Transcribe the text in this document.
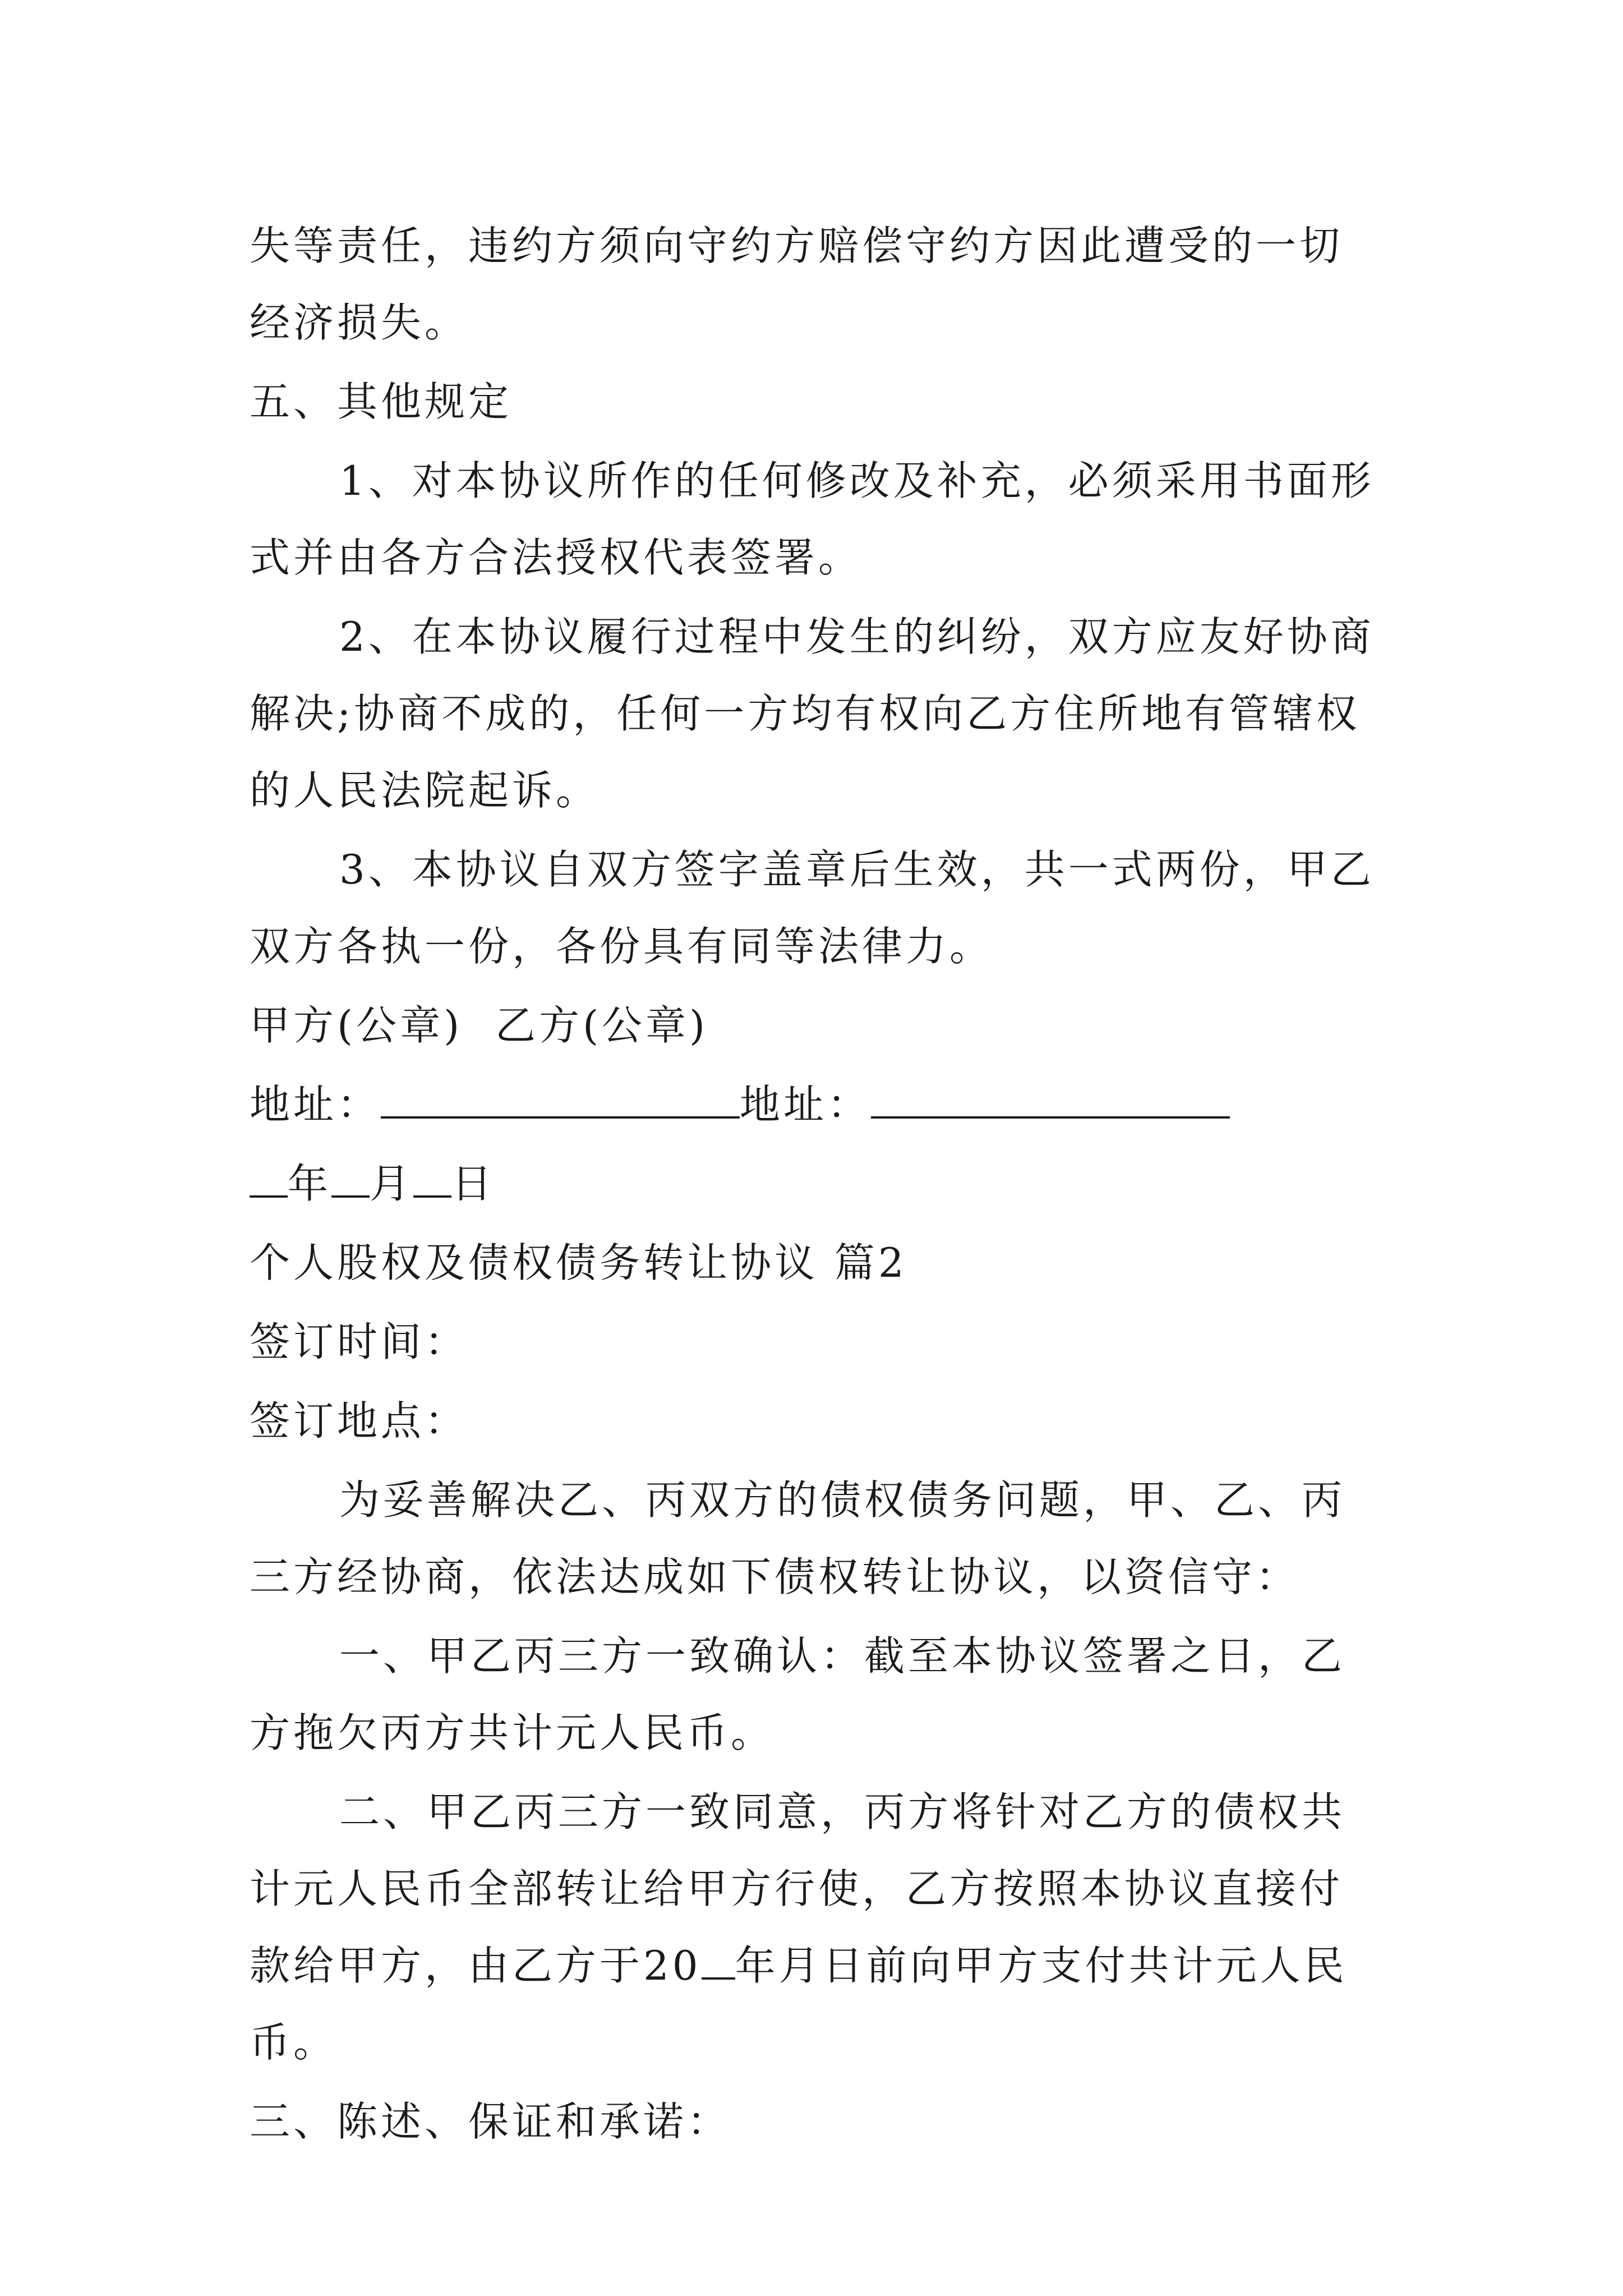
失等责任，违约方须向守约方赔偿守约方因此遭受的一切经济损失。

五、其他规定

1、对本协议所作的任何修改及补充，必须采用书面形式并由各方合法授权代表签署。

2、在本协议履行过程中发生的纠纷，双方应友好协商解决;协商不成的，任何一方均有权向乙方住所地有管辖权的人民法院起诉。

3、本协议自双方签字盖章后生效，共一式两份，甲乙双方各执一份，各份具有同等法律力。

甲方(公章)  乙方(公章)

地址：	地址：

年 月 日

个人股权及债权债务转让协议 篇2

签订时间：

签订地点：

为妥善解决乙、丙双方的债权债务问题，甲、乙、丙三方经协商，依法达成如下债权转让协议，以资信守：

一、甲乙丙三方一致确认：截至本协议签署之日，乙方拖欠丙方共计元人民币。

二、甲乙丙三方一致同意，丙方将针对乙方的债权共计元人民币全部转让给甲方行使，乙方按照本协议直接付款给甲方，由乙方于20 年月日前向甲方支付共计元人民币。

三、陈述、保证和承诺：
